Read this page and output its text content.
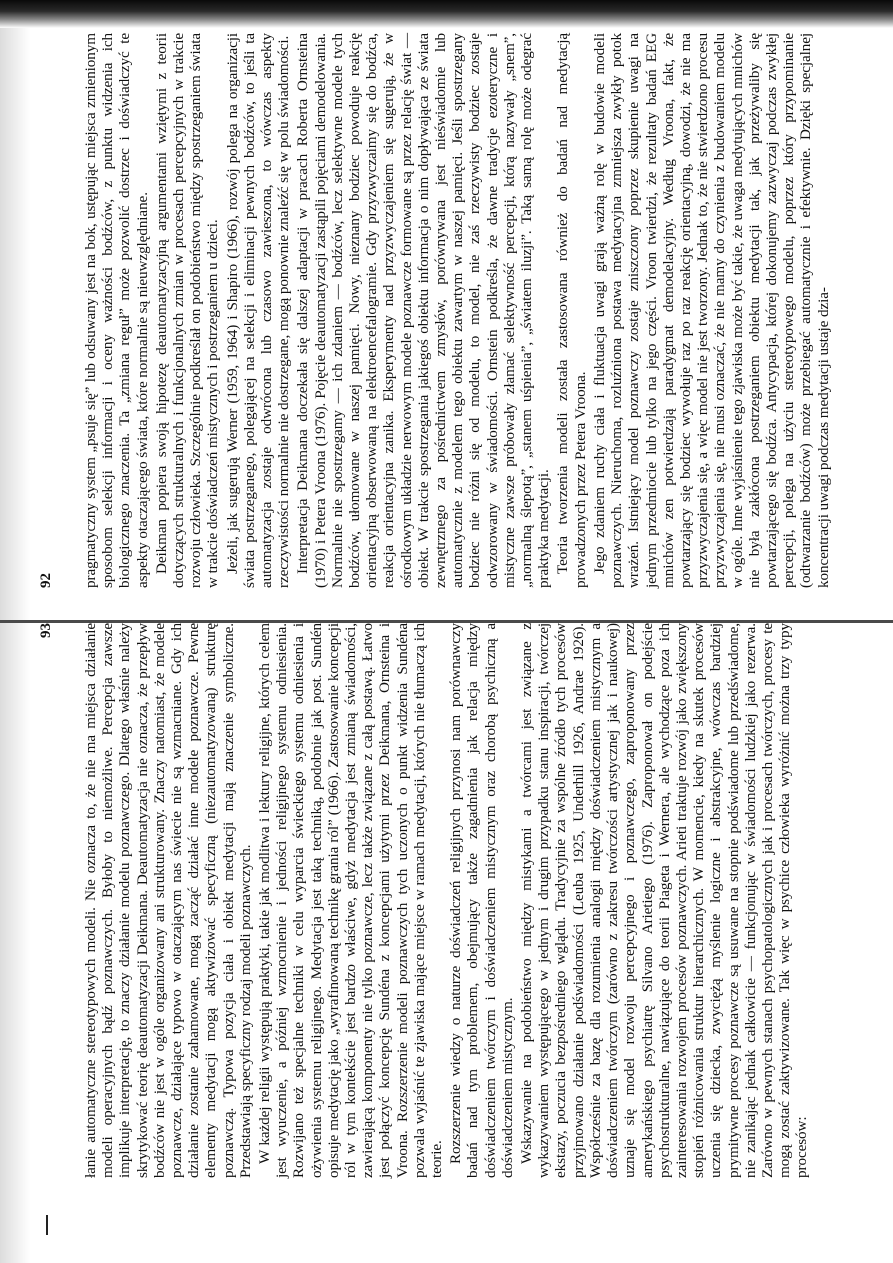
92 pragmatyczny system „psuje się” lub odsuwany jest na bok, ustępując miejsca zmienionym sposobom selekcji informacji i oceny ważności bodźców, z punktu widzenia ich biologicznego znaczenia. Ta „zmiana reguł” może pozwolić dostrzec i doświadczyć te aspekty otaczającego świata, które normalnie są nieuwzględniane. Deikman popiera swoją hipotezę deautomatyzacyjną argumentami wziętymi z teorii dotyczących strukturalnych i funkcjonalnych zmian w procesach percepcyjnych w trakcie rozwoju człowieka. Szczególnie podkreślał on podobieństwo między spostrzeganiem świata w trakcie doświadczeń mistycznych i postrzeganiem u dzieci. Jeżeli, jak sugerują Werner (1959, 1964) i Shapiro (1966), rozwój polega na organizacji świata postrzeganego, polegającej na selekcji i eliminacji pewnych bodźców, to jeśli ta automatyzacja zostaje odwrócona lub czasowo zawieszona, to wówczas aspekty rzeczywistości normalnie nie dostrzegane, mogą ponownie znaleźć się w polu świadomości. Interpretacja Deikmana doczekała się dalszej adaptacji w pracach Roberta Ornsteina (1970) i Petera Vroona (1976). Pojęcie deautomatyzacji zastąpili pojęciami demodelowania. Normalnie nie spostrzegamy — ich zdaniem — bodźców, lecz selektywne modele tych bodźców, ułomowane w naszej pamięci. Nowy, nieznany bodziec powoduje reakcję orientacyjną obserwowaną na elektroencefalogramie. Gdy przyzwyczaimy się do bodźca, reakcja orientacyjna zanika. Eksperymenty nad przyzwyczajeniem się sugerują, że w ośrodkowym układzie nerwowym modele poznawcze formowane są przez relację świat — obiekt. W trakcie spostrzegania jakiegoś obiektu informacja o nim dopływająca ze świata zewnętrznego za pośrednictwem zmysłów, porównywana jest nieświadomie lub automatycznie z modelem tego obiektu zawartym w naszej pamięci. Jeśli spostrzegany bodziec nie różni się od modelu, to model, nie zaś rzeczywisty bodziec zostaje odwzorowany w świadomości. Ornstein podkreśla, że dawne tradycje ezoteryczne i mistyczne zawsze próbowały złamać selektywność percepcji, którą nazywały „snem”, „normalną ślepotą”, „stanem uśpienia”, „światem iluzji”. Taką samą rolę może odegrać praktyka medytacji. Teoria tworzenia modeli została zastosowana również do badań nad medytacją prowadzonych przez Petera Vroona. Jego zdaniem ruchy ciała i fluktuacja uwagi grają ważną rolę w budowie modeli poznawczych. Nieruchoma, rozluźniona postawa medytacyjna zmniejsza zwykły potok wrażeń. Istniejący model poznawczy zostaje zniszczony poprzez skupienie uwagi na jednym przedmiocie lub tylko na jego części. Vroon twierdzi, że rezultaty badań EEG mnichów zen potwierdzają paradygmat demodelacyjny. Według Vroona, fakt, że powtarzający się bodziec wywołuje raz po raz reakcję orientacyjną, dowodzi, że nie ma przyzwyczajenia się, a więc model nie jest tworzony. Jednak to, że nie stwierdzono procesu przyzwyczajenia się, nie musi oznaczać, że nie mamy do czynienia z budowaniem modelu w ogóle. Inne wyjaśnienie tego zjawiska może być takie, że uwaga medytujących mnichów nie była zakłócona postrzeganiem obiektu medytacji tak, jak przeżywaliby się powtarzającego się bodźca. Antycypacja, której dokonujemy zazwyczaj podczas zwykłej percepcji, polega na użyciu stereotypowego modelu, poprzez który przypominanie (odtwarzanie bodźców) może przebiegać automatycznie i efektywnie. Dzięki specjalnej koncentracji uwagi podczas medytacji ustaje dzia-

93 łanie automatyczne stereotypowych modeli. Nie oznacza to, że nie ma miejsca działanie modeli operacyjnych bądź poznawczych. Byłoby to niemożliwe. Percepcja zawsze implikuje interpretację, to znaczy działanie modelu poznawczego. Dlatego właśnie należy skrytykować teorię deautomatyzacji Deikmana. Deautomatyzacja nie oznacza, że przepływ bodźców nie jest w ogóle organizowany ani strukturowany. Znaczy natomiast, że modele poznawcze, działające typowo w otaczającym nas świecie nie są wzmacniane. Gdy ich działanie zostanie zahamowane, mogą zacząć działać inne modele poznawcze. Pewne elementy medytacji mogą aktywizować specyficzną (niezautomatyzowaną) strukturę poznawczą. Typowa pozycja ciała i obiekt medytacji mają znaczenie symboliczne. Przedstawiają specyficzny rodzaj modeli poznawczych. W każdej religii występują praktyki, takie jak modlitwa i lektury religijne, których celem jest wyuczenie, a później wzmocnienie i jedności religijnego systemu odniesienia. Rozwijano też specjalne techniki w celu wyparcia świeckiego systemu odniesienia i ożywienia systemu religijnego. Medytacja jest taką techniką, podobnie jak post. Sundén opisuje medytację jako „wyrafinowaną technikę grania ról” (1966). Zastosowanie koncepcji ról w tym kontekście jest bardzo właściwe, gdyż medytacja jest zmianą świadomości, zawierającą komponenty nie tylko poznawcze, lecz także związane z całą postawą. Łatwo jest połączyć koncepcję Sundéna z koncepcjami użytymi przez Deikmana, Ornsteina i Vroona. Rozszerzenie modeli poznawczych tych uczonych o punkt widzenia Sundéna pozwala wyjaśnić te zjawiska mające miejsce w ramach medytacji, których nie tłumaczą ich teorie. Rozszerzenie wiedzy o naturze doświadczeń religijnych przynosi nam porównawczy badań nad tym problemem, obejmujący także zagadnienia jak relacja między doświadczeniem twórczym i doświadczeniem mistycznym oraz chorobą psychiczną a doświadczeniem mistycznym. Wskazywanie na podobieństwo między mistykami a twórcami jest związane z wykazywaniem występującego w jednym i drugim przypadku stanu inspiracji, twórczej ekstazy, poczucia bezpośredniego wglądu. Tradycyjnie za wspólne źródło tych procesów przyjmowano działanie podświadomości (Leuba 1925, Underhill 1926, Andrae 1926). Współcześnie za bazę dla rozumienia analogii między doświadczeniem mistycznym a doświadczeniem twórczym (zarówno z zakresu twórczości artystycznej jak i naukowej) uznaje się model rozwoju percepcyjnego i poznawczego, zaproponowany przez amerykańskiego psychiatrę Silvano Arietiego (1976). Zaproponował on podejście psychostrukturalne, nawiązujące do teorii Piageta i Wernera, ale wychodzące poza ich zainteresowania rozwojem procesów poznawczych. Arieti traktuje rozwój jako zwiększony stopień różnicowania struktur hierarchicznych. W momencie, kiedy na skutek procesów uczenia się dziecka, zwyciężą myślenie logiczne i abstrakcyjne, wówczas bardziej prymitywne procesy poznawcze są usuwane na stopnie podświadome lub przedświadome, nie zanikając jednak całkowicie — funkcjonując w świadomości ludzkiej jako rezerwa. Zarówno w pewnych stanach psychopatologicznych jak i procesach twórczych, procesy te mogą zostać zaktywizowane. Tak więc w psychice człowieka wyróżnić można trzy typy procesów:
